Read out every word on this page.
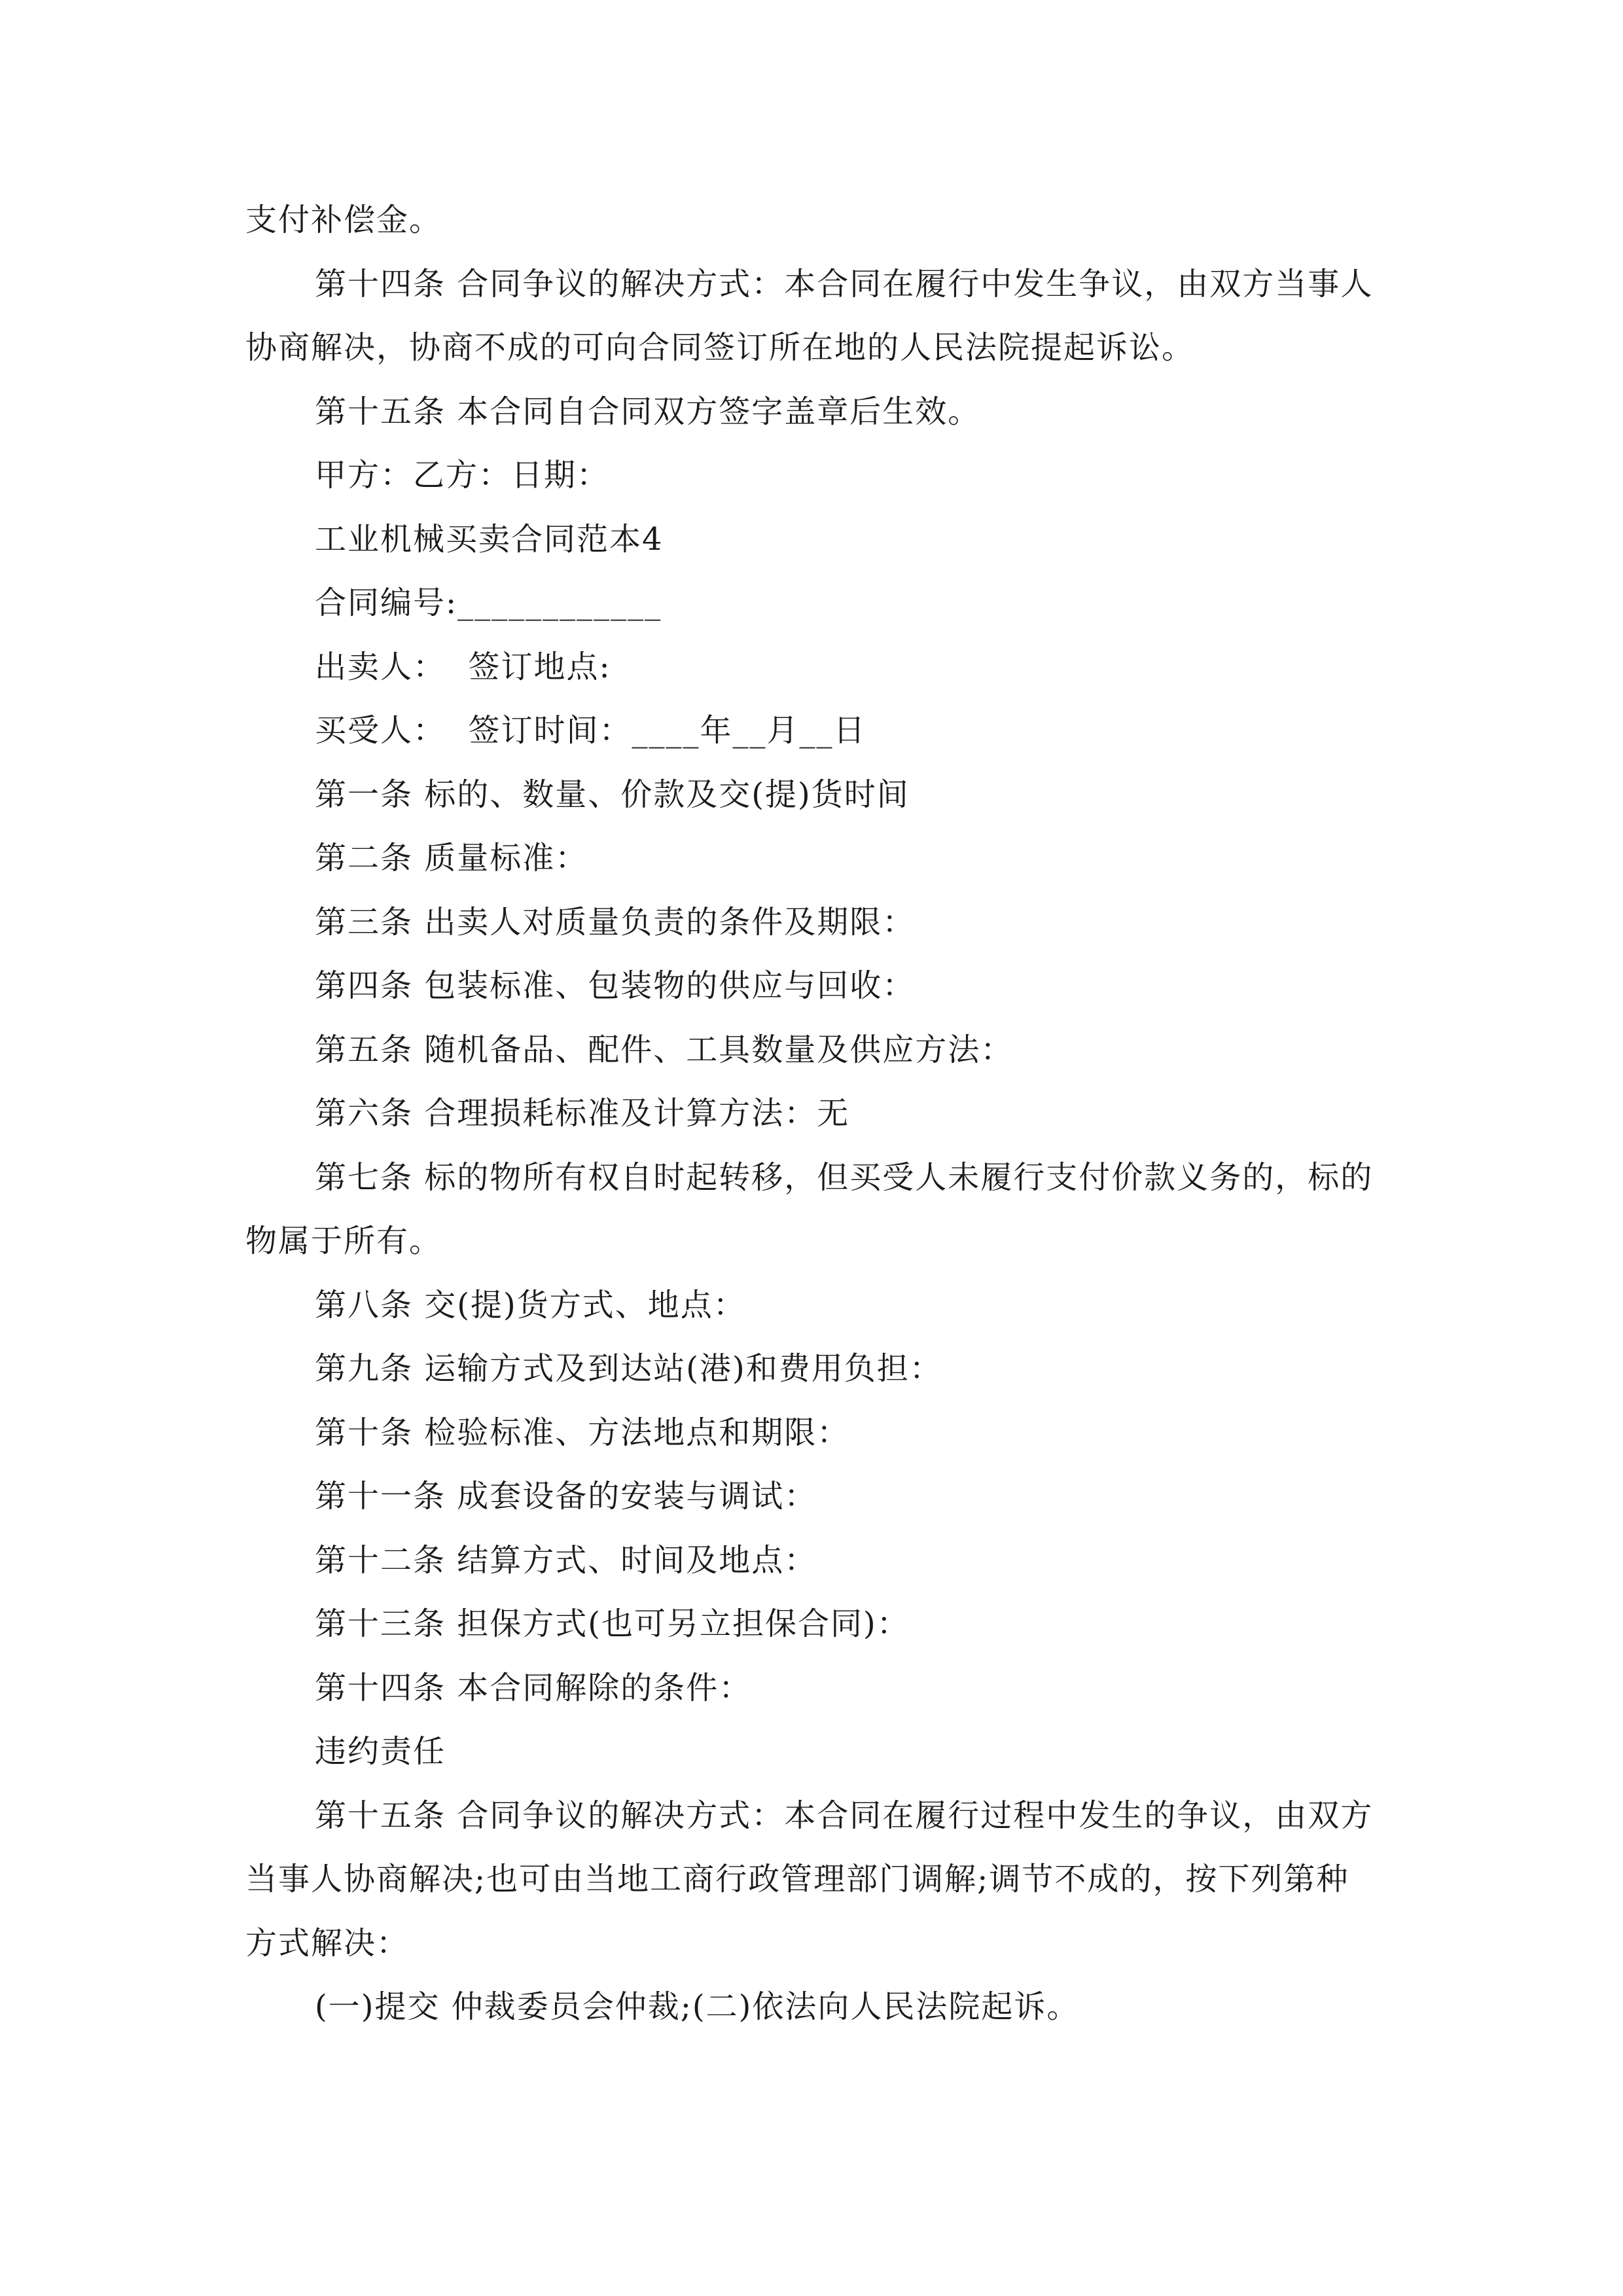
支付补偿金。

第十四条 合同争议的解决方式：本合同在履行中发生争议，由双方当事人协商解决，协商不成的可向合同签订所在地的人民法院提起诉讼。

第十五条 本合同自合同双方签字盖章后生效。

甲方：乙方：日期：

工业机械买卖合同范本4

合同编号:____________

出卖人：  签订地点:

买受人：  签订时间：____年__月__日

第一条 标的、数量、价款及交(提)货时间

第二条 质量标准：

第三条 出卖人对质量负责的条件及期限：

第四条 包装标准、包装物的供应与回收：

第五条 随机备品、配件、工具数量及供应方法：

第六条 合理损耗标准及计算方法：无

第七条 标的物所有权自时起转移，但买受人未履行支付价款义务的，标的物属于所有。

第八条 交(提)货方式、地点：

第九条 运输方式及到达站(港)和费用负担：

第十条 检验标准、方法地点和期限：

第十一条 成套设备的安装与调试：

第十二条 结算方式、时间及地点：

第十三条 担保方式(也可另立担保合同)：

第十四条 本合同解除的条件：

违约责任

第十五条 合同争议的解决方式：本合同在履行过程中发生的争议，由双方当事人协商解决;也可由当地工商行政管理部门调解;调节不成的，按下列第种方式解决：

(一)提交 仲裁委员会仲裁;(二)依法向人民法院起诉。
